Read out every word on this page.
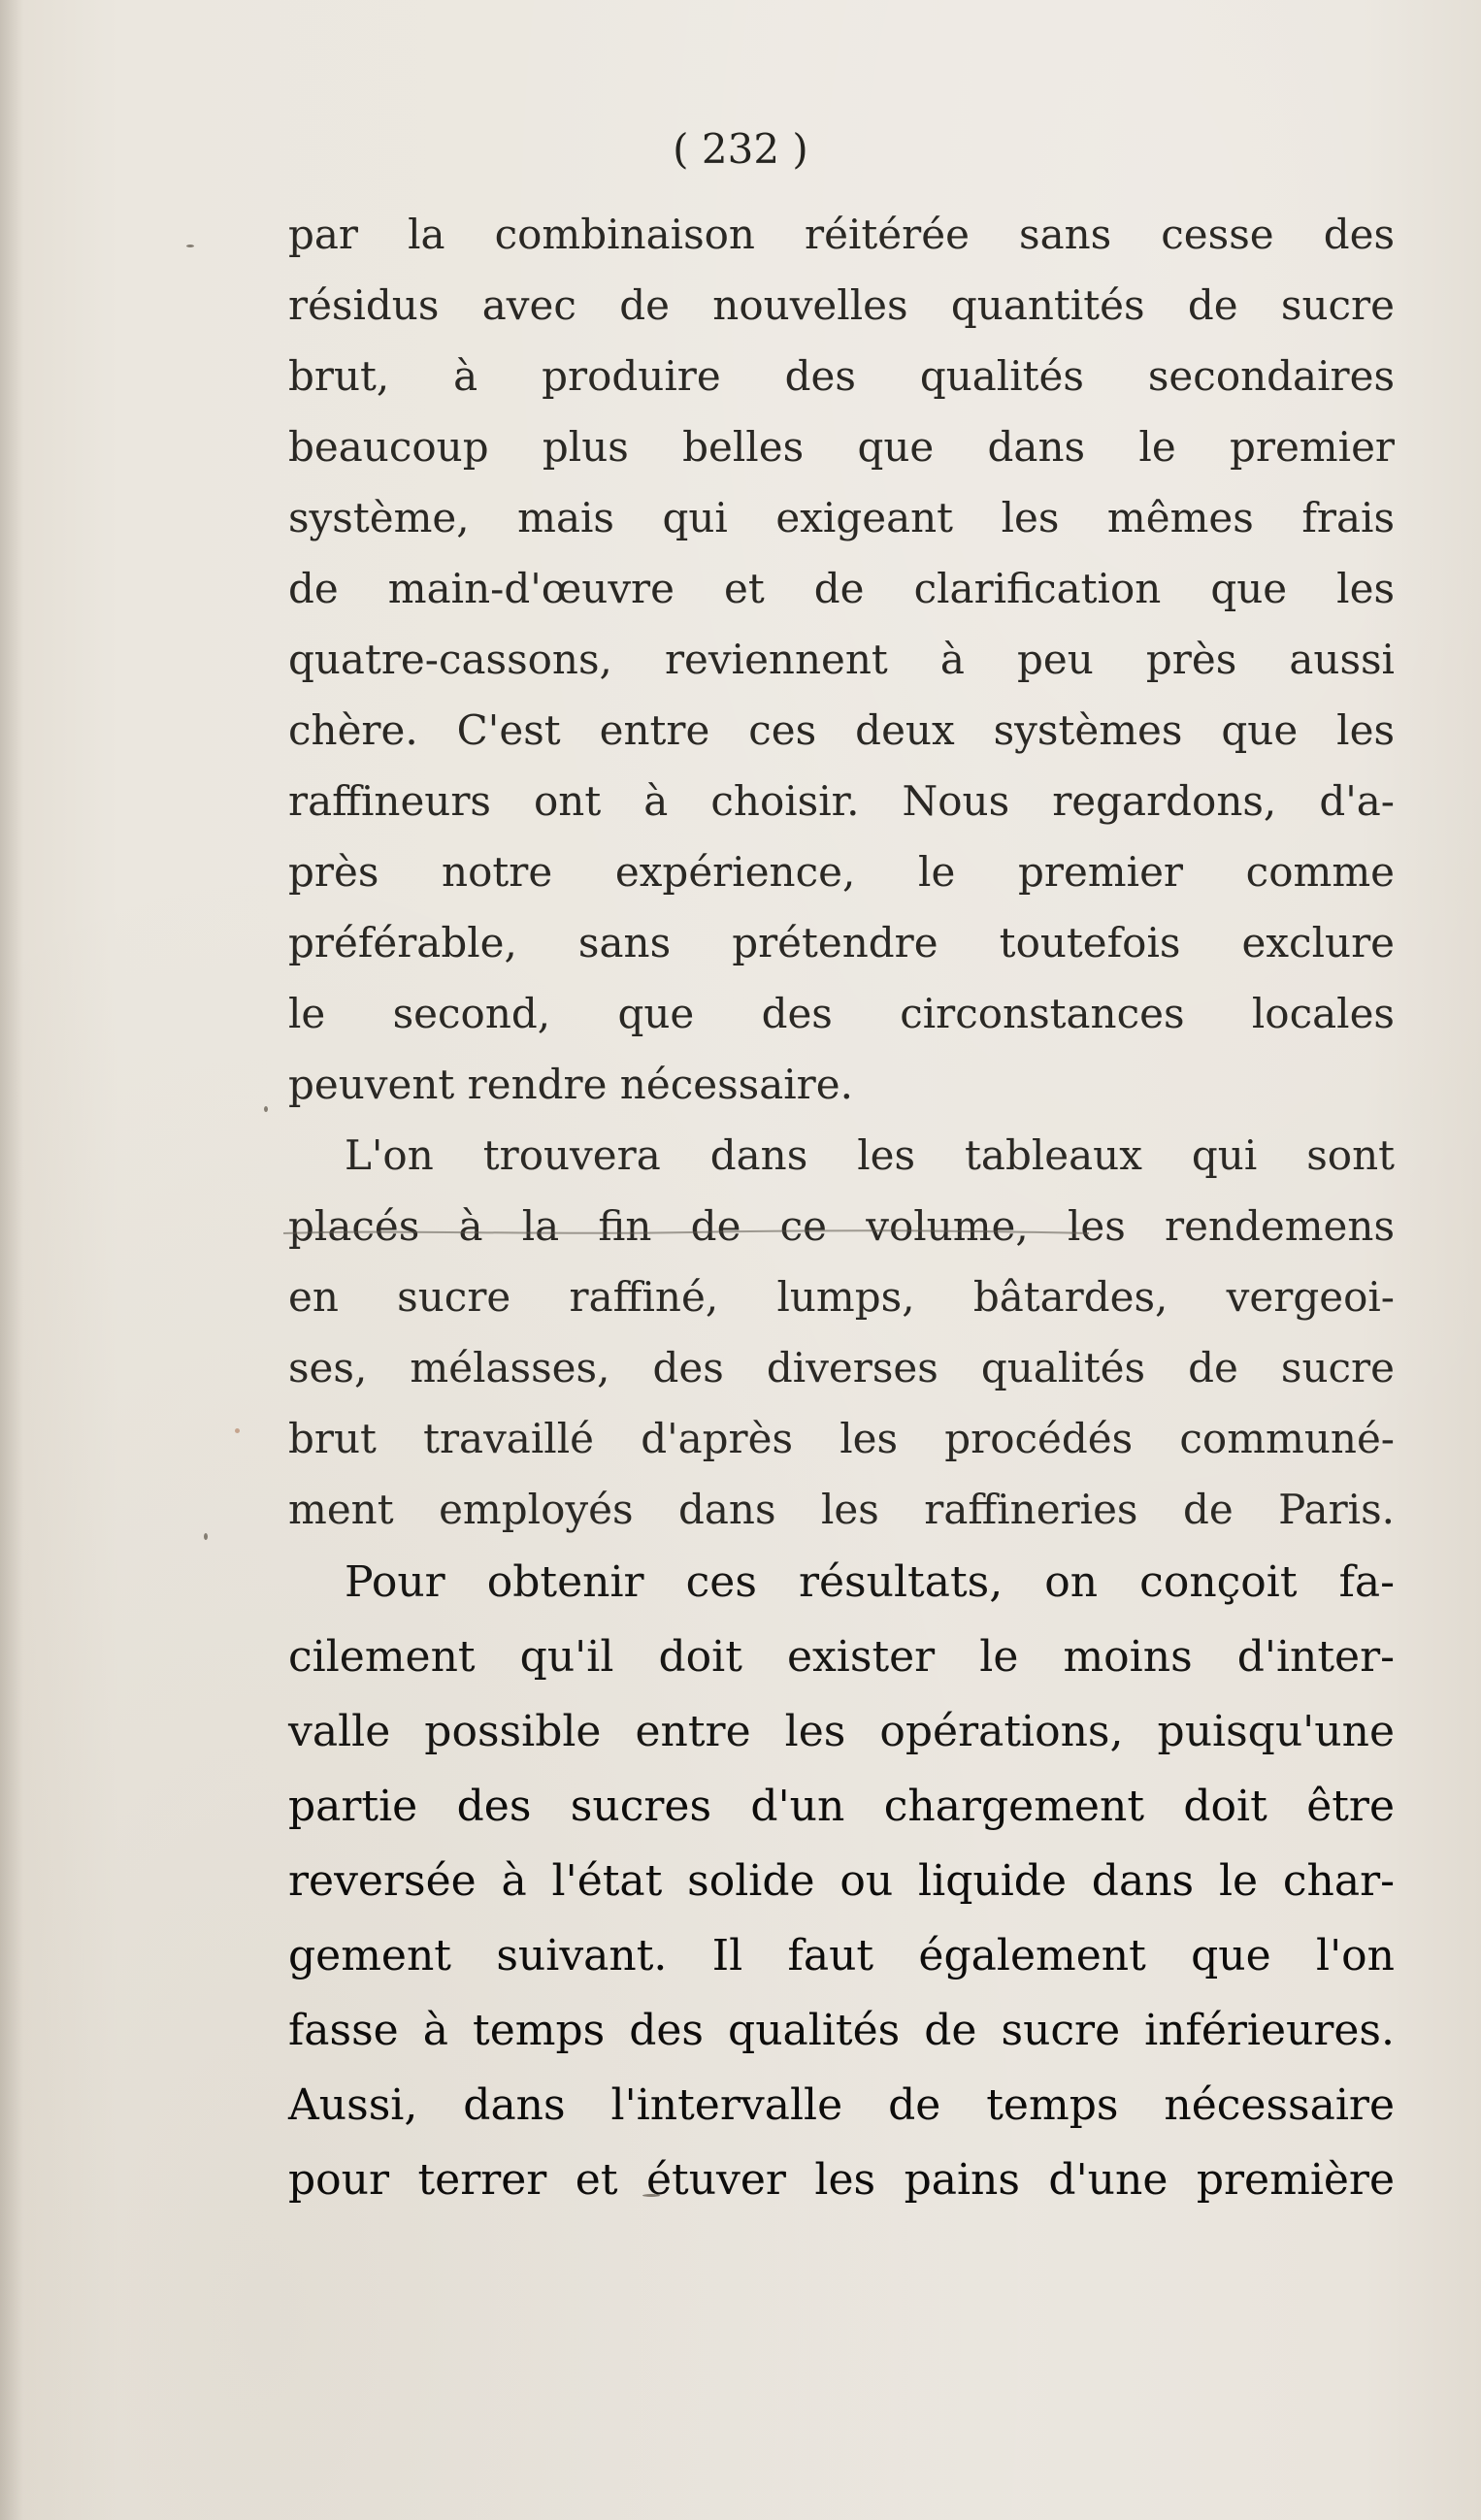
( 232 )
par la combinaison réitérée sans cesse des
résidus avec de nouvelles quantités de sucre
brut, à produire des qualités secondaires
beaucoup plus belles que dans le premier
système, mais qui exigeant les mêmes frais
de main-d'œuvre et de clarification que les
quatre-cassons, reviennent à peu près aussi
chère. C'est entre ces deux systèmes que les
raffineurs ont à choisir. Nous regardons, d'a-
près notre expérience, le premier comme
préférable, sans prétendre toutefois exclure
le second, que des circonstances locales
peuvent rendre nécessaire.
L'on trouvera dans les tableaux qui sont
placés à la fin de ce volume, les rendemens
en sucre raffiné, lumps, bâtardes, vergeoi-
ses, mélasses, des diverses qualités de sucre
brut travaillé d'après les procédés communé-
ment employés dans les raffineries de Paris.
Pour obtenir ces résultats, on conçoit fa-
cilement qu'il doit exister le moins d'inter-
valle possible entre les opérations, puisqu'une
partie des sucres d'un chargement doit être
reversée à l'état solide ou liquide dans le char-
gement suivant. Il faut également que l'on
fasse à temps des qualités de sucre inférieures.
Aussi, dans l'intervalle de temps nécessaire
pour terrer et étuver les pains d'une première
